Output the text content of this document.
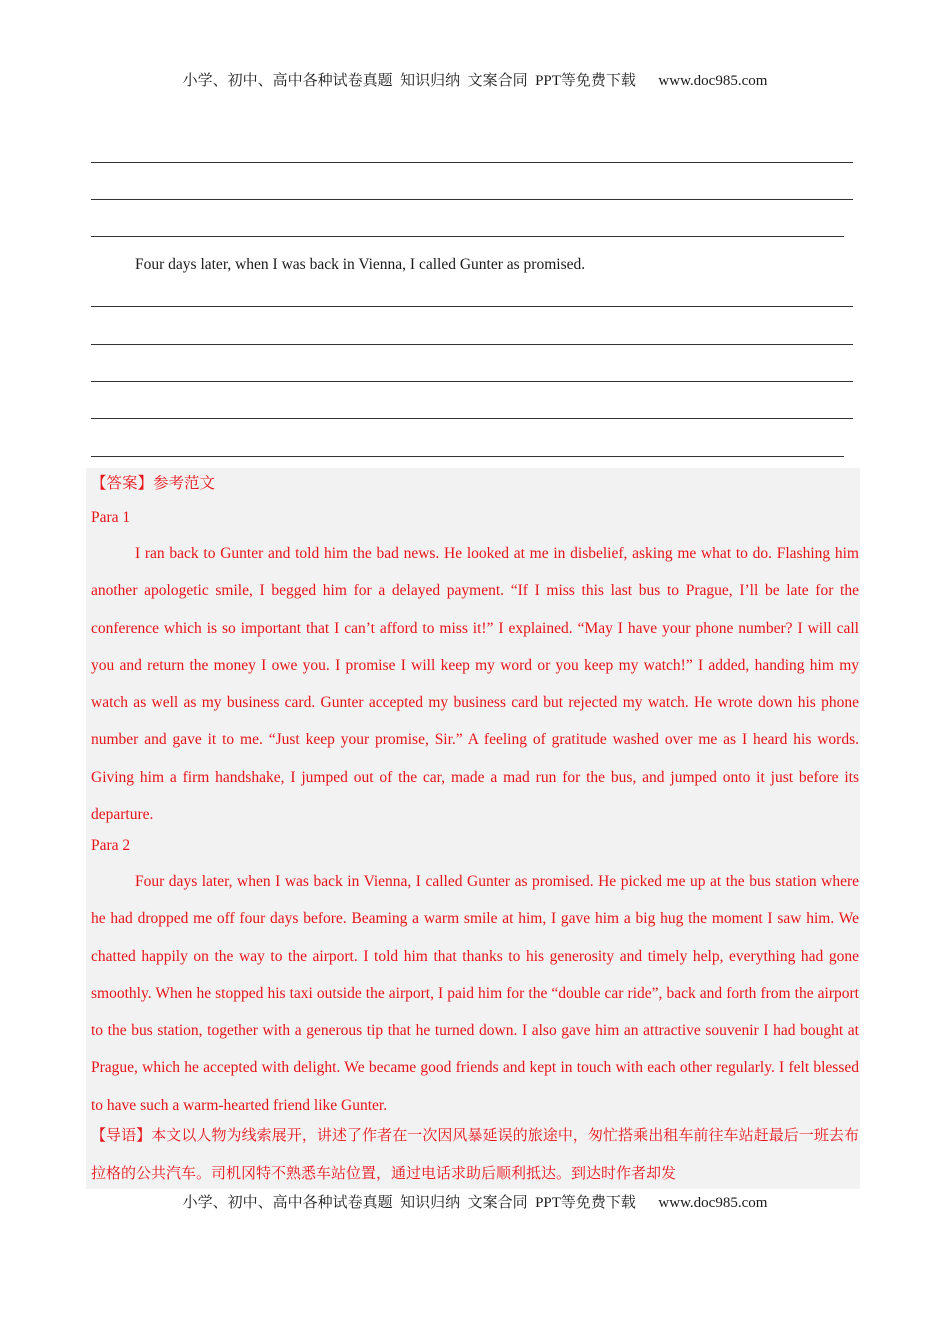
小学、初中、高中各种试卷真题  知识归纳  文案合同  PPT等免费下载      www.doc985.com
Four days later, when I was back in Vienna, I called Gunter as promised.
【答案】参考范文
Para 1

I ran back to Gunter and told him the bad news. He looked at me in disbelief, asking me what to do. Flashing him another apologetic smile, I begged him for a delayed payment. “If I miss this last bus to Prague, I’ll be late for the conference which is so important that I can’t afford to miss it!” I explained. “May I have your phone number? I will call you and return the money I owe you. I promise I will keep my word or you keep my watch!” I added, handing him my watch as well as my business card. Gunter accepted my business card but rejected my watch. He wrote down his phone number and gave it to me. “Just keep your promise, Sir.” A feeling of gratitude washed over me as I heard his words. Giving him a firm handshake, I jumped out of the car, made a mad run for the bus, and jumped onto it just before its departure.

Para 2

Four days later, when I was back in Vienna, I called Gunter as promised. He picked me up at the bus station where he had dropped me off four days before. Beaming a warm smile at him, I gave him a big hug the moment I saw him. We chatted happily on the way to the airport. I told him that thanks to his generosity and timely help, everything had gone smoothly. When he stopped his taxi outside the airport, I paid him for the “double car ride”, back and forth from the airport to the bus station, together with a generous tip that he turned down. I also gave him an attractive souvenir I had bought at Prague, which he accepted with delight. We became good friends and kept in touch with each other regularly. I felt blessed to have such a warm-hearted friend like Gunter.

【导语】本文以人物为线索展开，讲述了作者在一次因风暴延误的旅途中，匆忙搭乘出租车前往车站赶最后一班去布拉格的公共汽车。司机冈特不熟悉车站位置，通过电话求助后顺利抵达。到达时作者却发
小学、初中、高中各种试卷真题  知识归纳  文案合同  PPT等免费下载      www.doc985.com
